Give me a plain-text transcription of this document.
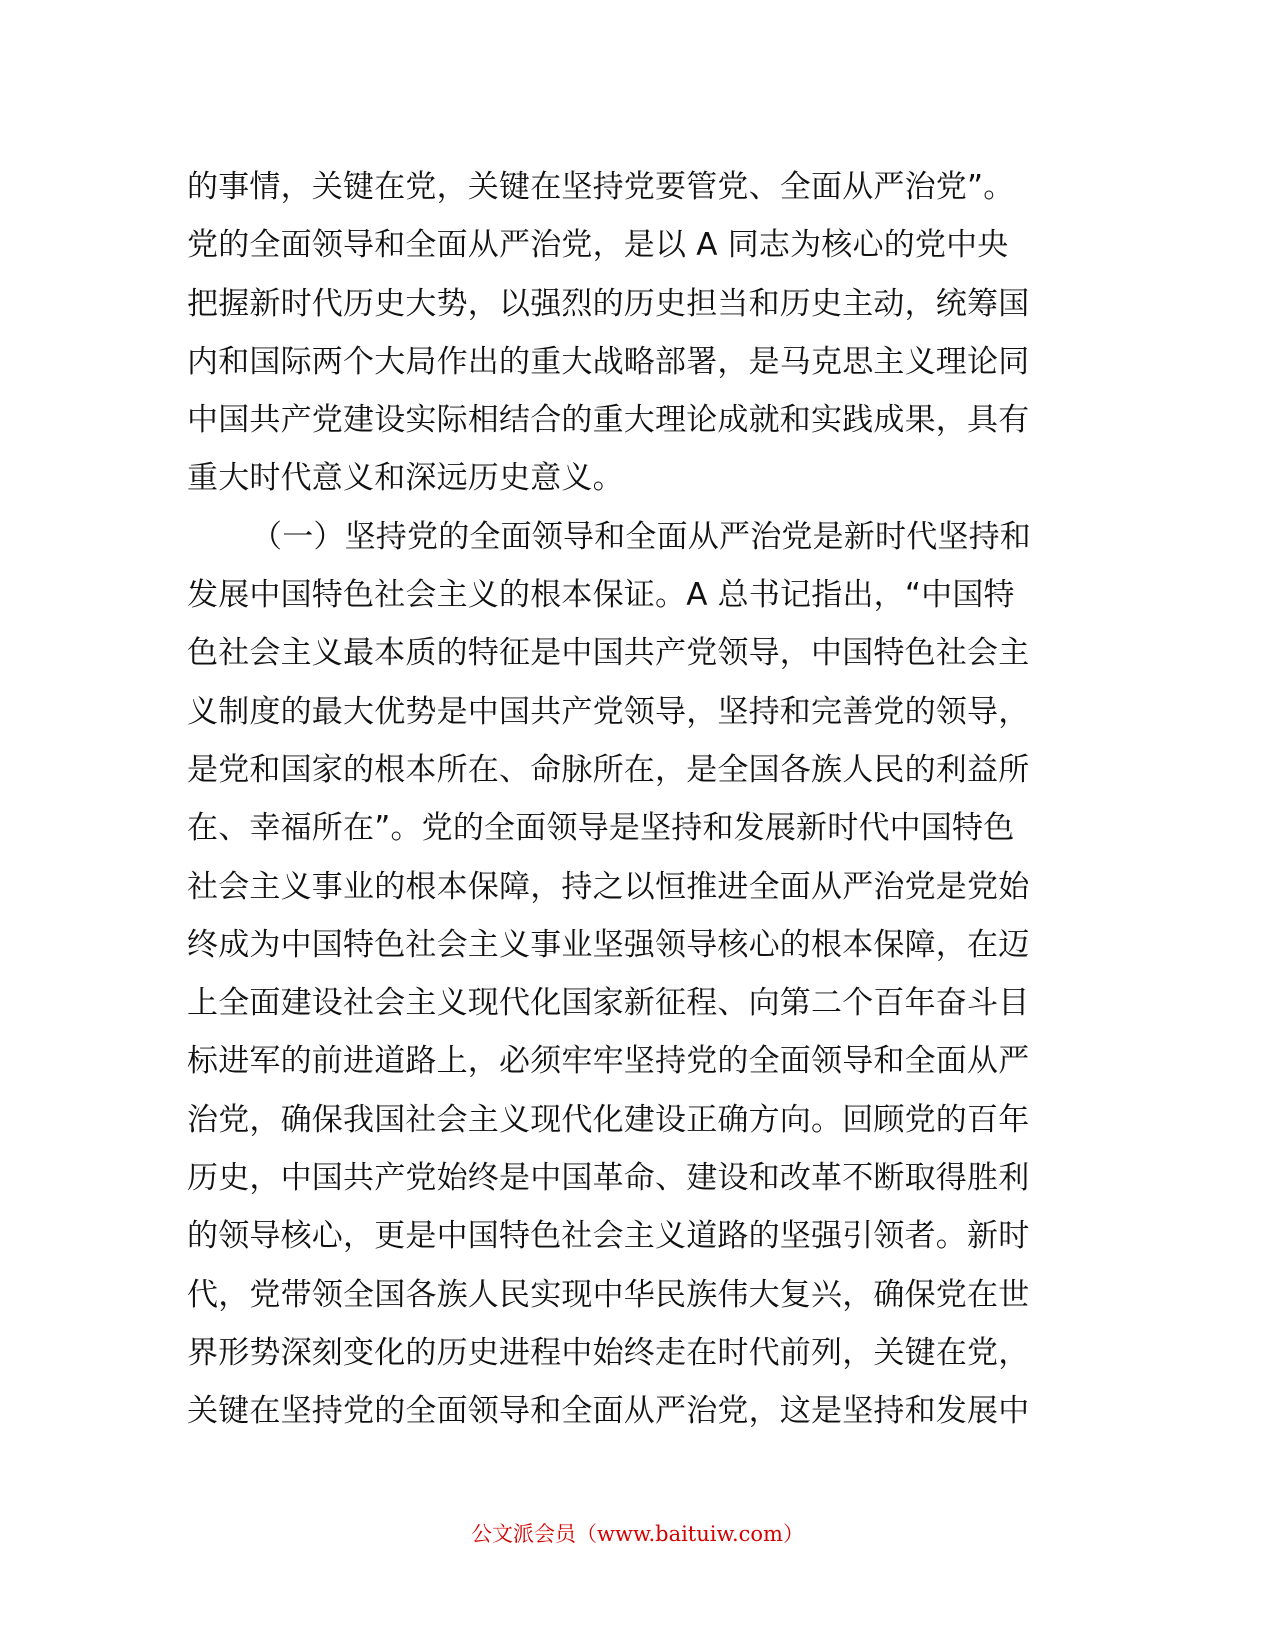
的事情，关键在党，关键在坚持党要管党、全面从严治党”。
党的全面领导和全面从严治党，是以 A 同志为核心的党中央
把握新时代历史大势，以强烈的历史担当和历史主动，统筹国
内和国际两个大局作出的重大战略部署，是马克思主义理论同
中国共产党建设实际相结合的重大理论成就和实践成果，具有
重大时代意义和深远历史意义。
（一）坚持党的全面领导和全面从严治党是新时代坚持和
发展中国特色社会主义的根本保证。A 总书记指出，“中国特
色社会主义最本质的特征是中国共产党领导，中国特色社会主
义制度的最大优势是中国共产党领导，坚持和完善党的领导，
是党和国家的根本所在、命脉所在，是全国各族人民的利益所
在、幸福所在”。党的全面领导是坚持和发展新时代中国特色
社会主义事业的根本保障，持之以恒推进全面从严治党是党始
终成为中国特色社会主义事业坚强领导核心的根本保障，在迈
上全面建设社会主义现代化国家新征程、向第二个百年奋斗目
标进军的前进道路上，必须牢牢坚持党的全面领导和全面从严
治党，确保我国社会主义现代化建设正确方向。回顾党的百年
历史，中国共产党始终是中国革命、建设和改革不断取得胜利
的领导核心，更是中国特色社会主义道路的坚强引领者。新时
代，党带领全国各族人民实现中华民族伟大复兴，确保党在世
界形势深刻变化的历史进程中始终走在时代前列，关键在党，
关键在坚持党的全面领导和全面从严治党，这是坚持和发展中
公文派会员（www.baituiw.com）
